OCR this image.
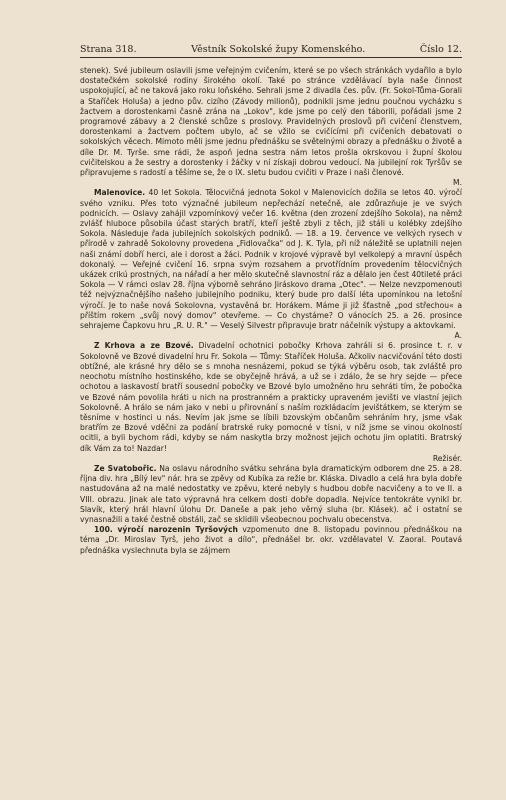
Strana 318.	Věstník Sokolské župy Komenského.	Číslo 12.

stenek). Své jubileum oslavili jsme veřejným cvičením, které se po všech stránkách vydařilo a bylo dostatečkém sokolské rodiny širokého okolí. Také po stránce vzdělávací byla naše činnost uspokojující, ač ne taková jako roku loňského. Sehrali jsme 2 divadla čes. pův. (Fr. Sokol-Tůma-Gorali a Staříček Holuša) a jedno pův. cizího (Závody milionů), podnikli jsme jednu poučnou vycházku s žactvem a dorostenkami časně zrána na „Lokov", kde jsme po celý den táborili, pořádali jsme 2 programové zábavy a 2 členské schůze s proslovy. Pravidelných proslovů při cvičení členstvem, dorostenkami a žactvem počtem ubylo, ač se vžilo se cvičícími při cvičeních debatovati o sokolských věcech. Mimoto měli jsme jednu přednášku se světelnými obrazy a přednášku o životě a díle Dr. M. Tyrše. sme rádi, že aspoň jedna sestra nám letos prošla okrskovou i župní školou cvičitelskou a že sestry a dorostenky i žáčky v ní získaji dobrou vedoucí. Na jubilejní rok Tyršův se připravujeme s radostí a těšíme se, že o IX. sletu budou cvičiti v Praze i naši členové.

M.

Malenovice. 40 let Sokola. Tělocvičná jednota Sokol v Malenovicích dožila se letos 40. výročí svého vzniku. Přes toto význačné jubileum nepřechází netečně, ale zdůrazňuje je ve svých podnicích. — Oslavy zahájil vzpomínkový večer 16. května (den zrození zdejšího Sokola), na němž zvlášť hluboce působila účast starých bratří, kteří ještě zbyli z těch, již stáli u kolébky zdejšího Sokola. Následuje řada jubilejních sokolských podniků. — 18. a 19. července ve velkých rysech v přírodě v zahradě Sokolovny provedena „Fidlovačka" od J. K. Tyla, při níž náležitě se uplatnili nejen naši známí dobří herci, ale i dorost a žáci. Podnik v krojové výpravě byl velkolepý a mravní úspěch dokonalý. — Veřejné cvičení 16. srpna svým rozsahem a prvotřídním provedením tělocvičných ukázek crikú prostných, na nářadí a her mělo skutečně slavnostní ráz a dělalo jen čest 40tileté práci Sokola — V rámci oslav 28. října výborně sehráno Jiráskovo drama „Otec". — Nelze nevzpomenouti též nejvýznačnějšího našeho jubilejního podniku, který bude pro další léta upomínkou na letošní výročí. Je to naše nová Sokolovna, vystavěná br. Horákem. Máme ji již šťastně „pod střechou« a příštím rokem „svůj nový domov" otevřeme. — Co chystáme? O vánocích 25. a 26. prosince sehrajeme Čapkovu hru „R. U. R." — Veselý Silvestr připravuje bratr náčelník výstupy a aktovkami.

A.

Z Krhova a ze Bzové. Divadelní ochotnici pobočky Krhova zahráli si 6. prosince t. r. v Sokolovně ve Bzové divadelní hru Fr. Sokola — Tůmy: Staříček Holuša. Ačkoliv nacvičování této dosti obtížné, ale krásné hry dělo se s mnoha nesnázemi, pokud se týká výběru osob, tak zvláště pro neochotu místního hostinského, kde se obyčejně hrává, a už se i zdálo, že se hry sejde — přece ochotou a laskavostí bratří sousední pobočky ve Bzové bylo umožněno hru sehráti tím, že pobočka ve Bzové nám povolila hráti u nich na prostranném a prakticky upraveném jevišti ve vlastní jejich Sokolovně. A hrálo se nám jako v nebi u přirovnání s naším rozkládacím jevištátkem, se kterým se těsníme v hostinci u nás. Nevím jak jsme se líbili bzovským občanům sehráním hry, jsme však bratřím ze Bzové vděčni za podání bratrské ruky pomocné v tísni, v níž jsme se vinou okolností ocitli, a byli bychom rádi, kdyby se nám naskytla brzy možnost jejich ochotu jim oplatiti. Bratrský dík Vám za to! Nazdar!

Režisér.

Ze Svatobořic. Na oslavu národního svátku sehrána byla dramatickým odborem dne 25. a 28. října div. hra „Bílý lev" nár. hra se zpěvy od Kubíka za režie br. Kláska. Divadlo a celá hra byla dobře nastudována až na malé nedostatky ve zpěvu, které nebyly s hudbou dobře nacvičeny a to ve II. a VIII. obrazu. Jinak ale tato výpravná hra celkem dosti dobře dopadla. Nejvíce tentokráte vynikl br. Slavík, který hrál hlavní úlohu Dr. Daneše a pak jeho věrný sluha (br. Klásek). ač i ostatní se vynasnažili a také čestně obstáli, zač se sklidili všeobecnou pochvalu obecenstva.

100. výročí narozenin Tyršových vzpomenuto dne 8. listopadu povinnou přednáškou na téma „Dr. Miroslav Tyrš, jeho život a dílo", přednášel br. okr. vzdělavatel V. Zaoral. Poutavá přednáška vyslechnuta byla se zájmem
